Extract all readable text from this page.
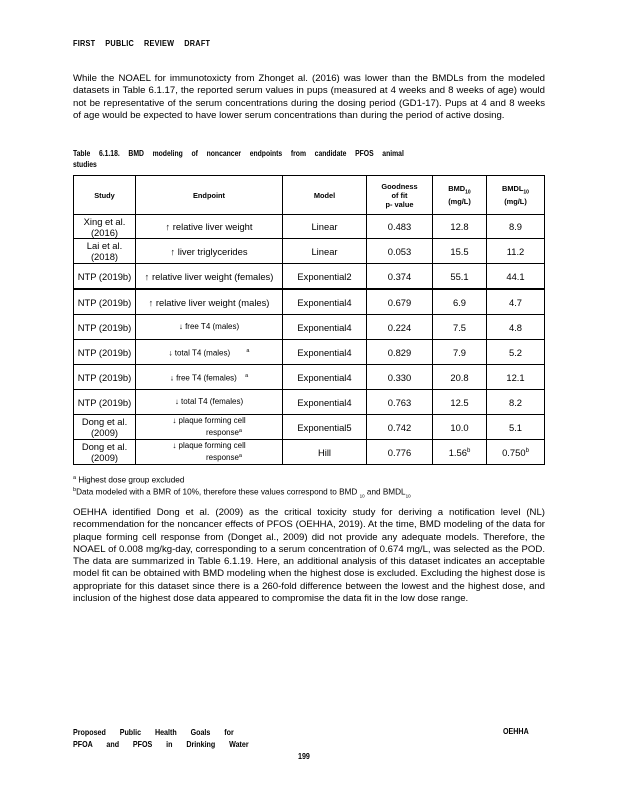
FIRST PUBLIC REVIEW DRAFT
While the NOAEL for immunotoxicty from Zhonget al. (2016) was lower than the BMDLs from the modeled datasets in Table 6.1.17, the reported serum values in pups (measured at 4 weeks and 8 weeks of age) would not be representative of the serum concentrations during the dosing period (GD1-17). Pups at 4 and 8 weeks of age would be expected to have lower serum concentrations than during the period of active dosing.
Table 6.1.18. BMD modeling of noncancer endpoints from candidate PFOS animal
studies
Study	Endpoint	Model	Goodness
of fit
p- value	$BMD_{10}$
(mg/L)	$BMDL_{10}$
(mg/L)
Xing et al. (2016)	↑ relative liver weight	Linear	0.483	12.8	8.9
Lai et al. (2018)	↑ liver triglycerides	Linear	0.053	15.5	11.2
NTP (2019b)	↑ relative liver weight (females)	Exponential2	0.374	55.1	44.1
NTP (2019b)	↑ relative liver weight (males)	Exponential4	0.679	6.9	4.7
NTP (2019b)	↓ free T4 (males)	Exponential4	0.224	7.5	4.8
NTP (2019b)	↓ total T4 (males) $^a$	Exponential4	0.829	7.9	5.2
NTP (2019b)	↓ free T4 (females) $^a$	Exponential4	0.330	20.8	12.1
NTP (2019b)	↓ total T4 (females)	Exponential4	0.763	12.5	8.2
Dong et al. (2009)	↓ plaque forming cell
response$^a$	Exponential5	0.742	10.0	5.1
Dong et al. (2009)	↓ plaque forming cell
response$^a$	Hill	0.776	1.56$^b$	0.750$^b$
$^a$ Highest dose group excluded
$^b$Data modeled with a BMR of 10%, therefore these values correspond to BMD $_{10}$ and $BMDL_{10}$
OEHHA identified Dong et al. (2009) as the critical toxicity study for deriving a notification level (NL) recommendation for the noncancer effects of PFOS (OEHHA, 2019). At the time, BMD modeling of the data for plaque forming cell response from (Donget al., 2009) did not provide any adequate models. Therefore, the NOAEL of 0.008 mg/kg-day, corresponding to a serum concentration of 0.674 mg/L, was selected as the POD. The data are summarized in Table 6.1.19. Here, an additional analysis of this dataset indicates an acceptable model fit can be obtained with BMD modeling when the highest dose is excluded. Excluding the highest dose is appropriate for this dataset since there is a 260-fold difference between the lowest and the highest dose, and inclusion of the highest dose data appeared to compromise the data fit in the low dose range.
Proposed Public Health Goals for
PFOA and PFOS in Drinking Water
OEHHA
199
